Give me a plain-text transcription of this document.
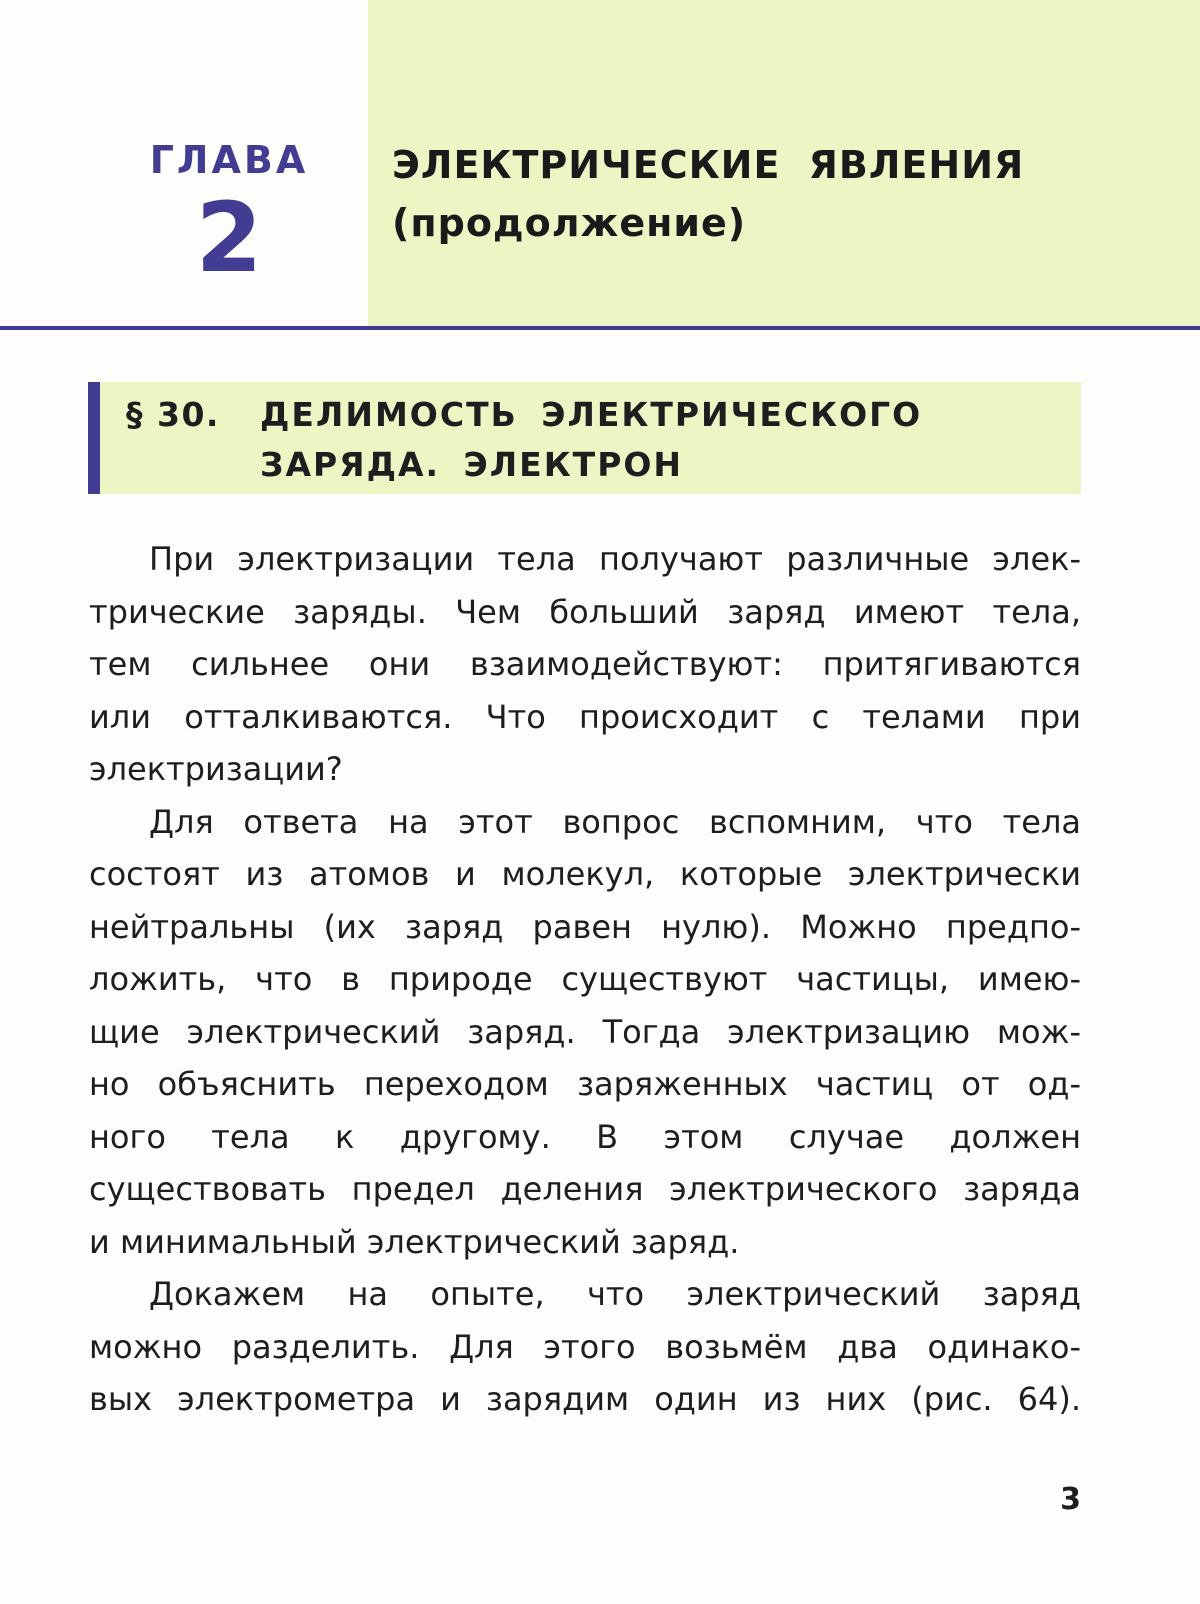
ГЛАВА
2
ЭЛЕКТРИЧЕСКИЕ ЯВЛЕНИЯ
(продолжение)
§ 30. ДЕЛИМОСТЬ ЭЛЕКТРИЧЕСКОГО
ЗАРЯДА. ЭЛЕКТРОН
При электризации тела получают различные элек-
трические заряды. Чем больший заряд имеют тела,
тем сильнее они взаимодействуют: притягиваются
или отталкиваются. Что происходит с телами при
электризации?
Для ответа на этот вопрос вспомним, что тела
состоят из атомов и молекул, которые электрически
нейтральны (их заряд равен нулю). Можно предпо-
ложить, что в природе существуют частицы, имею-
щие электрический заряд. Тогда электризацию мож-
но объяснить переходом заряженных частиц от од-
ного тела к другому. В этом случае должен
существовать предел деления электрического заряда
и минимальный электрический заряд.
Докажем на опыте, что электрический заряд
можно разделить. Для этого возьмём два одинако-
вых электрометра и зарядим один из них (рис. 64).
3
